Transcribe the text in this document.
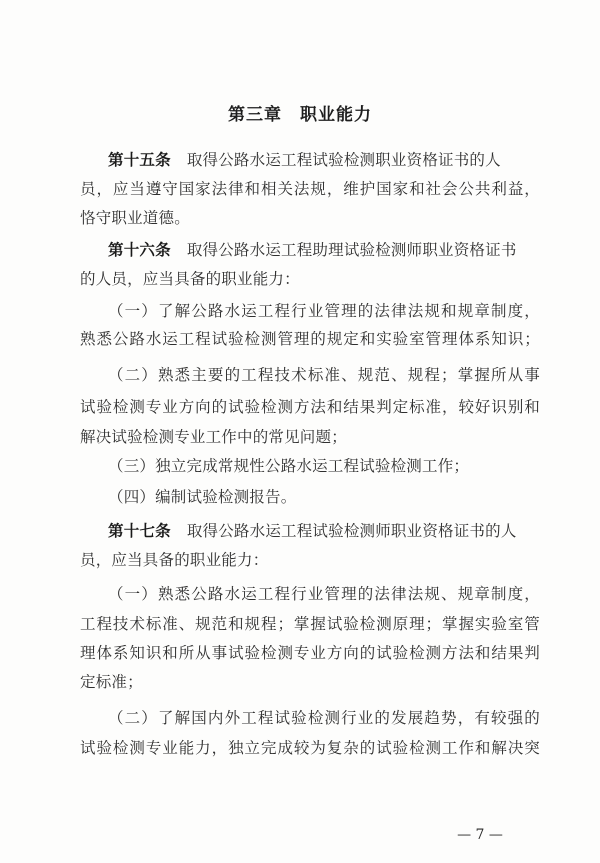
第三章　职业能力
第十五条 取得公路水运工程试验检测职业资格证书的人
员，应当遵守国家法律和相关法规，维护国家和社会公共利益，
恪守职业道德。
第十六条 取得公路水运工程助理试验检测师职业资格证书
的人员，应当具备的职业能力：
（一）了解公路水运工程行业管理的法律法规和规章制度，
熟悉公路水运工程试验检测管理的规定和实验室管理体系知识；
（二）熟悉主要的工程技术标准、规范、规程；掌握所从事
试验检测专业方向的试验检测方法和结果判定标准，较好识别和
解决试验检测专业工作中的常见问题；
（三）独立完成常规性公路水运工程试验检测工作；
（四）编制试验检测报告。
第十七条 取得公路水运工程试验检测师职业资格证书的人
员，应当具备的职业能力：
（一）熟悉公路水运工程行业管理的法律法规、规章制度，
工程技术标准、规范和规程；掌握试验检测原理；掌握实验室管
理体系知识和所从事试验检测专业方向的试验检测方法和结果判
定标准；
（二）了解国内外工程试验检测行业的发展趋势，有较强的
试验检测专业能力，独立完成较为复杂的试验检测工作和解决突
— 7 —
